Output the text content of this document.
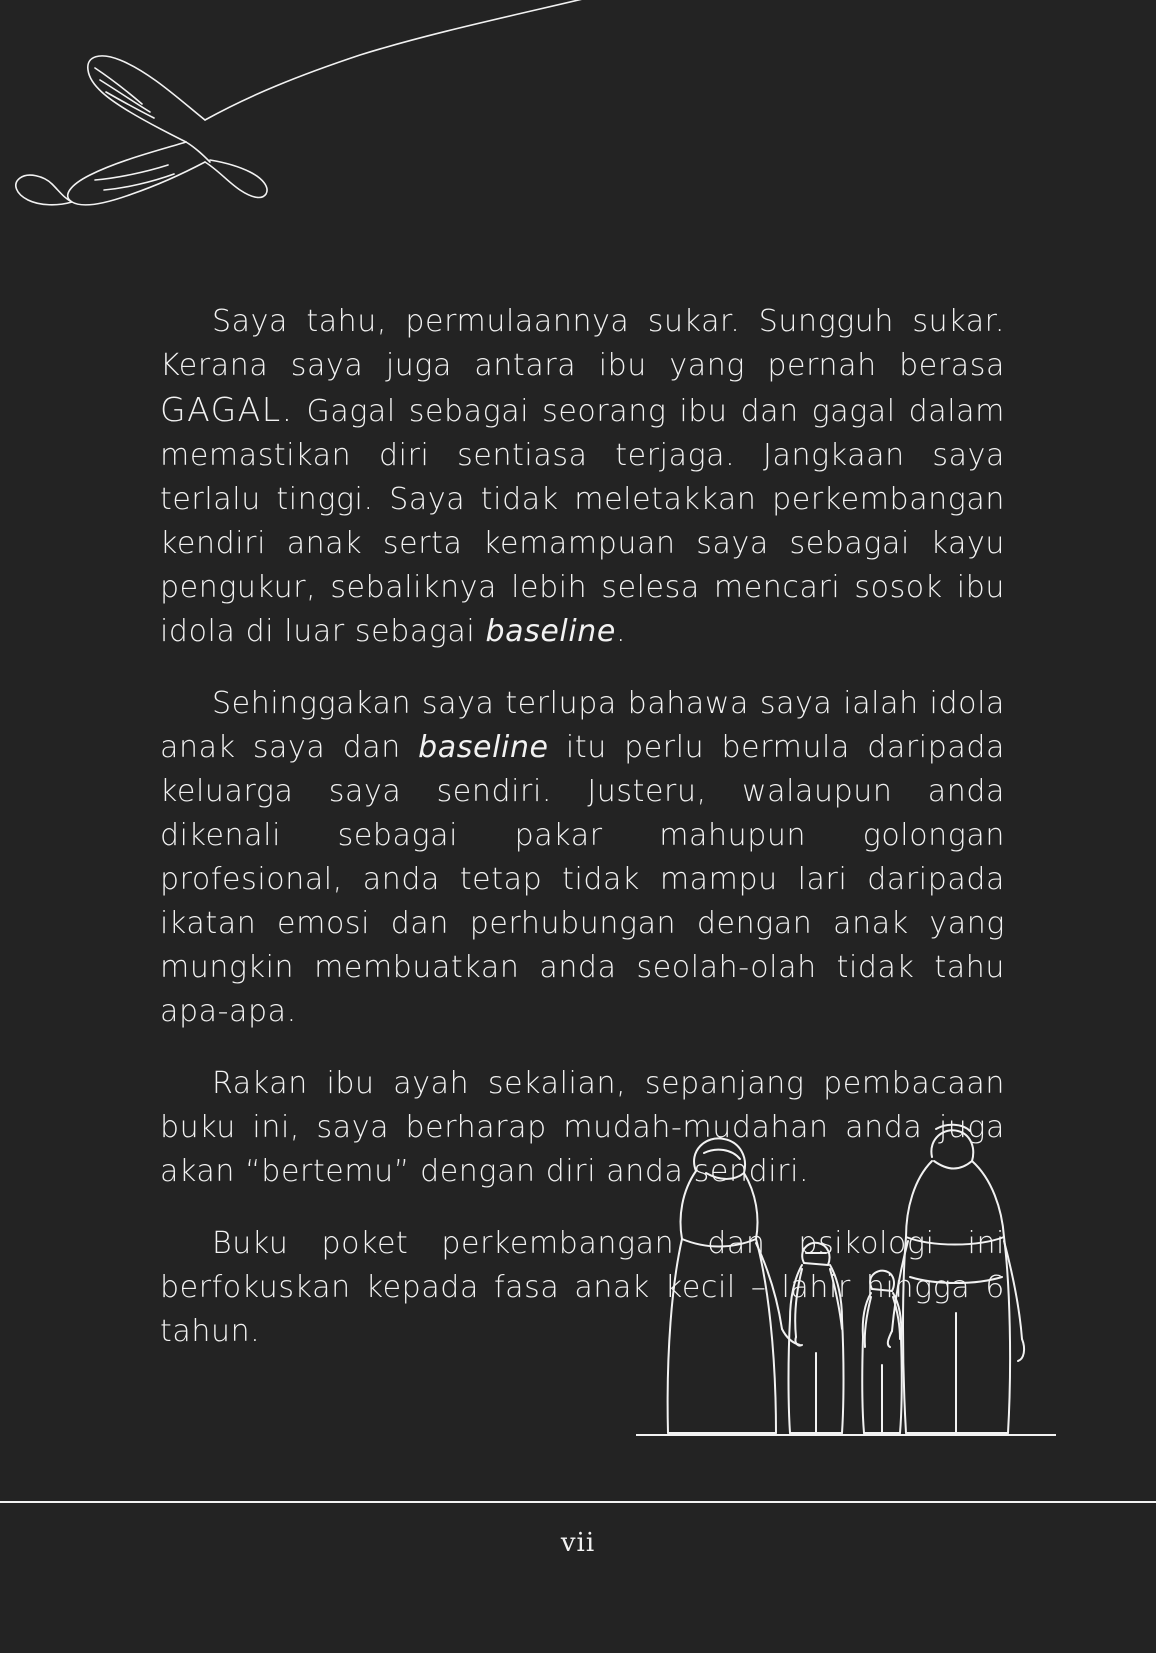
Saya tahu, permulaannya sukar. Sungguh sukar. Kerana saya juga antara ibu yang pernah berasa GAGAL. Gagal sebagai seorang ibu dan gagal dalam memastikan diri sentiasa terjaga. Jangkaan saya terlalu tinggi. Saya tidak meletakkan perkembangan kendiri anak serta kemampuan saya sebagai kayu pengukur, sebaliknya lebih selesa mencari sosok ibu idola di luar sebagai baseline.

Sehinggakan saya terlupa bahawa saya ialah idola anak saya dan baseline itu perlu bermula daripada keluarga saya sendiri. Justeru, walaupun anda dikenali sebagai pakar mahupun golongan profesional, anda tetap tidak mampu lari daripada ikatan emosi dan perhubungan dengan anak yang mungkin membuatkan anda seolah-olah tidak tahu apa-apa.

Rakan ibu ayah sekalian, sepanjang pembacaan buku ini, saya berharap mudah-mudahan anda juga akan “bertemu” dengan diri anda sendiri.

Buku poket perkembangan dan psikologi ini berfokuskan kepada fasa anak kecil – lahir hingga 6 tahun.

vii
